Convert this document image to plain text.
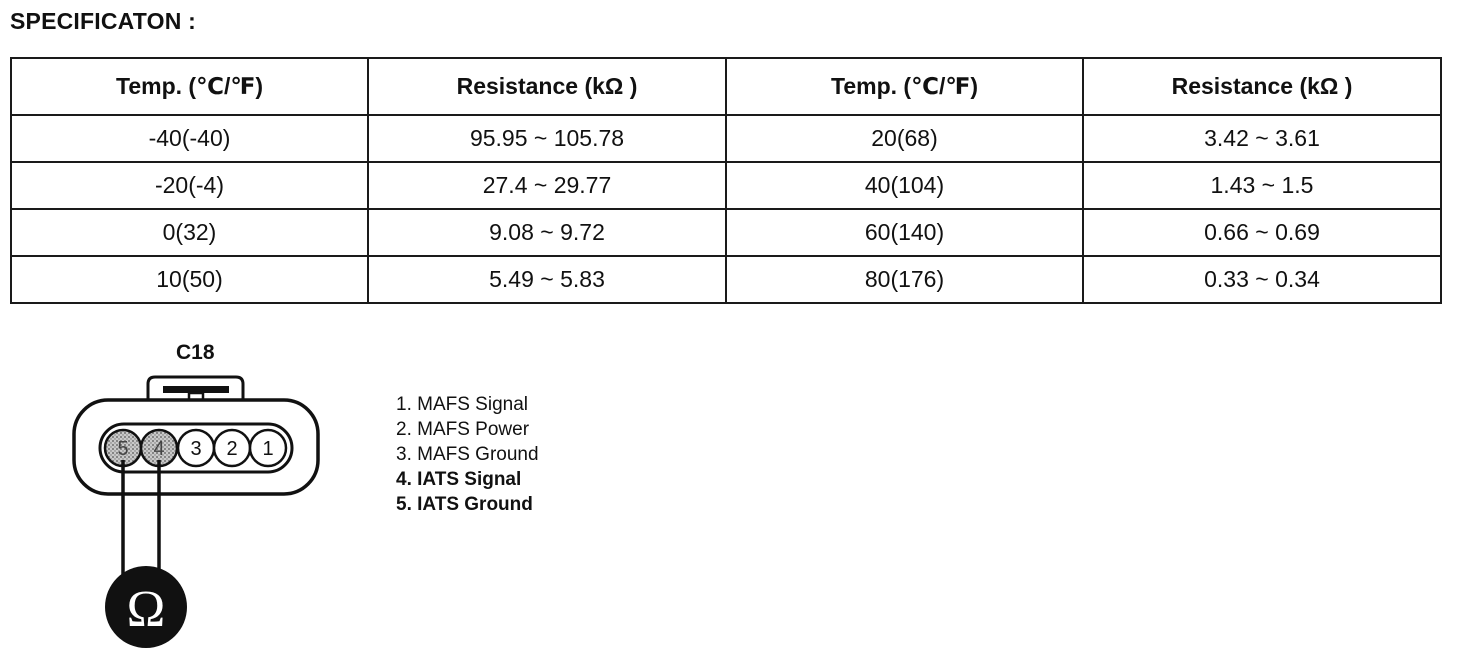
SPECIFICATON :
Temp. (℃/℉)	Resistance (kΩ )	Temp. (℃/℉)	Resistance (kΩ )
-40(-40)	95.95 ~ 105.78	20(68)	3.42 ~ 3.61
-20(-4)	27.4 ~ 29.77	40(104)	1.43 ~ 1.5
0(32)	9.08 ~ 9.72	60(140)	0.66 ~ 0.69
10(50)	5.49 ~ 5.83	80(176)	0.33 ~ 0.34
C18
5 4 3 2 1
Ω
1. MAFS Signal
2. MAFS Power
3. MAFS Ground
4. IATS Signal
5. IATS Ground
